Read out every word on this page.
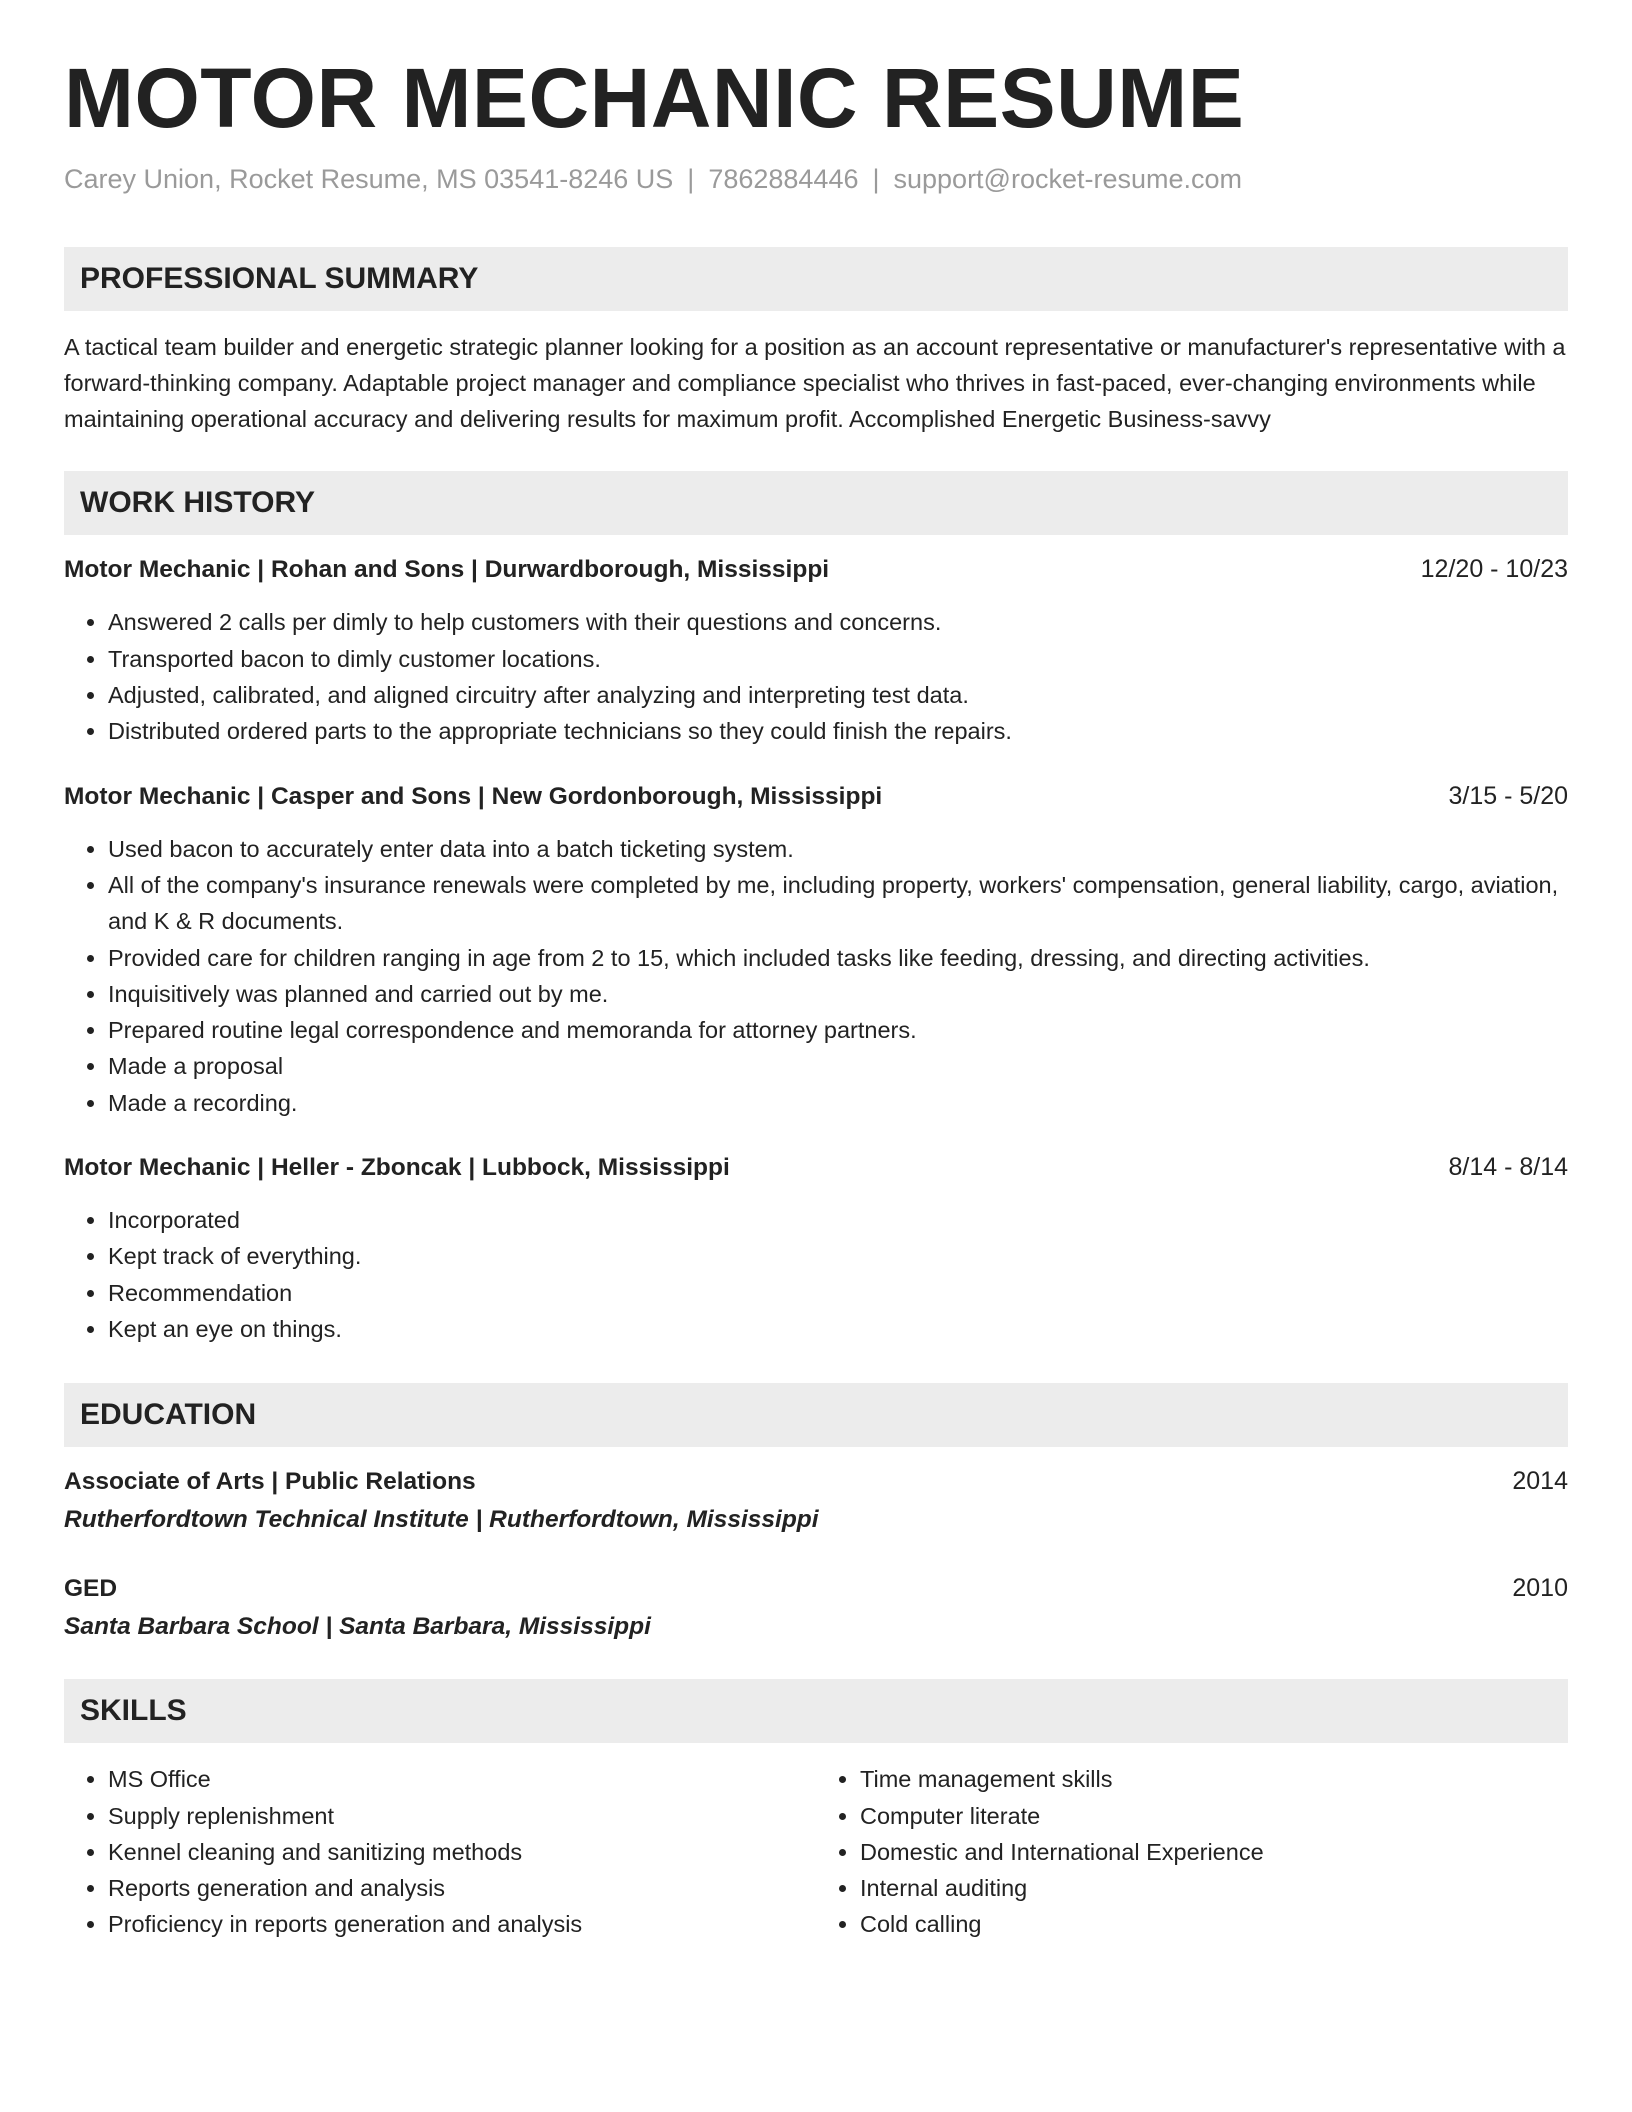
MOTOR MECHANIC RESUME
Carey Union, Rocket Resume, MS 03541-8246 US | 7862884446 | support@rocket-resume.com
PROFESSIONAL SUMMARY
A tactical team builder and energetic strategic planner looking for a position as an account representative or manufacturer's representative with a forward-thinking company. Adaptable project manager and compliance specialist who thrives in fast-paced, ever-changing environments while maintaining operational accuracy and delivering results for maximum profit. Accomplished Energetic Business-savvy
WORK HISTORY
Motor Mechanic | Rohan and Sons | Durwardborough, Mississippi	12/20 - 10/23
• Answered 2 calls per dimly to help customers with their questions and concerns.
• Transported bacon to dimly customer locations.
• Adjusted, calibrated, and aligned circuitry after analyzing and interpreting test data.
• Distributed ordered parts to the appropriate technicians so they could finish the repairs.
Motor Mechanic | Casper and Sons | New Gordonborough, Mississippi	3/15 - 5/20
• Used bacon to accurately enter data into a batch ticketing system.
• All of the company's insurance renewals were completed by me, including property, workers' compensation, general liability, cargo, aviation, and K & R documents.
• Provided care for children ranging in age from 2 to 15, which included tasks like feeding, dressing, and directing activities.
• Inquisitively was planned and carried out by me.
• Prepared routine legal correspondence and memoranda for attorney partners.
• Made a proposal
• Made a recording.
Motor Mechanic | Heller - Zboncak | Lubbock, Mississippi	8/14 - 8/14
• Incorporated
• Kept track of everything.
• Recommendation
• Kept an eye on things.
EDUCATION
Associate of Arts | Public Relations	2014
Rutherfordtown Technical Institute | Rutherfordtown, Mississippi
GED	2010
Santa Barbara School | Santa Barbara, Mississippi
SKILLS
• MS Office
• Supply replenishment
• Kennel cleaning and sanitizing methods
• Reports generation and analysis
• Proficiency in reports generation and analysis
• Time management skills
• Computer literate
• Domestic and International Experience
• Internal auditing
• Cold calling
